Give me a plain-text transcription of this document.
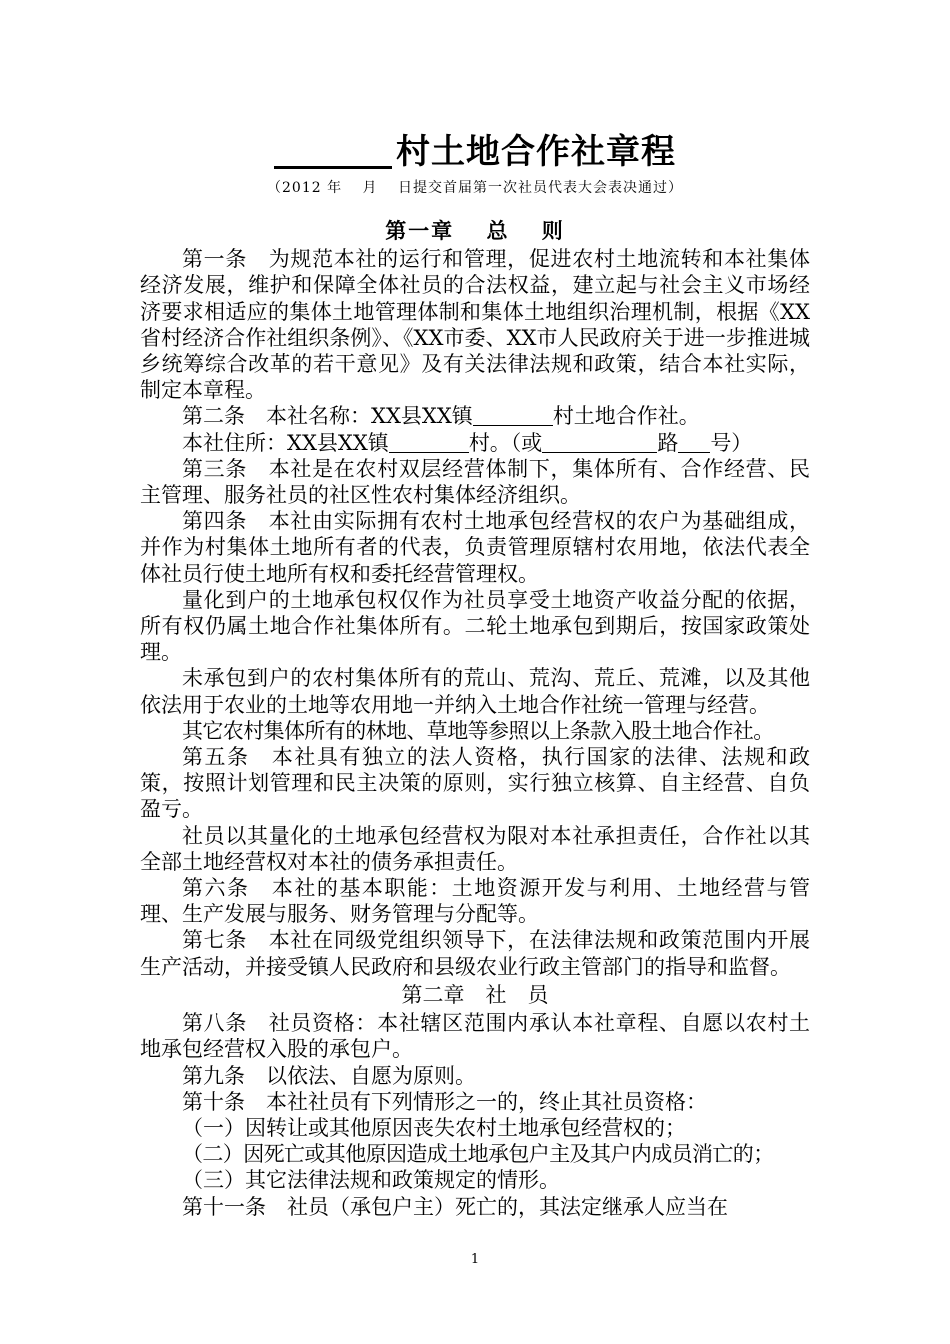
村土地合作社章程
（2012 年　 月　 日提交首届第一次社员代表大会表决通过）

第一章　 总　 则

第一条　为规范本社的运行和管理，促进农村土地流转和本社集体经济发展，维护和保障全体社员的合法权益，建立起与社会主义市场经济要求相适应的集体土地管理体制和集体土地组织治理机制，根据《XX省村经济合作社组织条例》、《XX市委、XX市人民政府关于进一步推进城乡统筹综合改革的若干意见》及有关法律法规和政策，结合本社实际，制定本章程。

第二条　本社名称：XX县XX镇	村土地合作社。

本社住所：XX县XX镇	村。（或	路 号）

第三条　本社是在农村双层经营体制下，集体所有、合作经营、民主管理、服务社员的社区性农村集体经济组织。

第四条　本社由实际拥有农村土地承包经营权的农户为基础组成，并作为村集体土地所有者的代表，负责管理原辖村农用地，依法代表全体社员行使土地所有权和委托经营管理权。

量化到户的土地承包权仅作为社员享受土地资产收益分配的依据，所有权仍属土地合作社集体所有。二轮土地承包到期后，按国家政策处理。

未承包到户的农村集体所有的荒山、荒沟、荒丘、荒滩，以及其他依法用于农业的土地等农用地一并纳入土地合作社统一管理与经营。

其它农村集体所有的林地、草地等参照以上条款入股土地合作社。

第五条　本社具有独立的法人资格，执行国家的法律、法规和政策，按照计划管理和民主决策的原则，实行独立核算、自主经营、自负盈亏。

社员以其量化的土地承包经营权为限对本社承担责任，合作社以其全部土地经营权对本社的债务承担责任。

第六条　本社的基本职能：土地资源开发与利用、土地经营与管理、生产发展与服务、财务管理与分配等。

第七条　本社在同级党组织领导下，在法律法规和政策范围内开展生产活动，并接受镇人民政府和县级农业行政主管部门的指导和监督。

第二章　社　员

第八条　社员资格：本社辖区范围内承认本社章程、自愿以农村土地承包经营权入股的承包户。

第九条　以依法、自愿为原则。

第十条　本社社员有下列情形之一的，终止其社员资格：

（一）因转让或其他原因丧失农村土地承包经营权的；

（二）因死亡或其他原因造成土地承包户主及其户内成员消亡的；

（三）其它法律法规和政策规定的情形。

第十一条　社员（承包户主）死亡的，其法定继承人应当在

1
